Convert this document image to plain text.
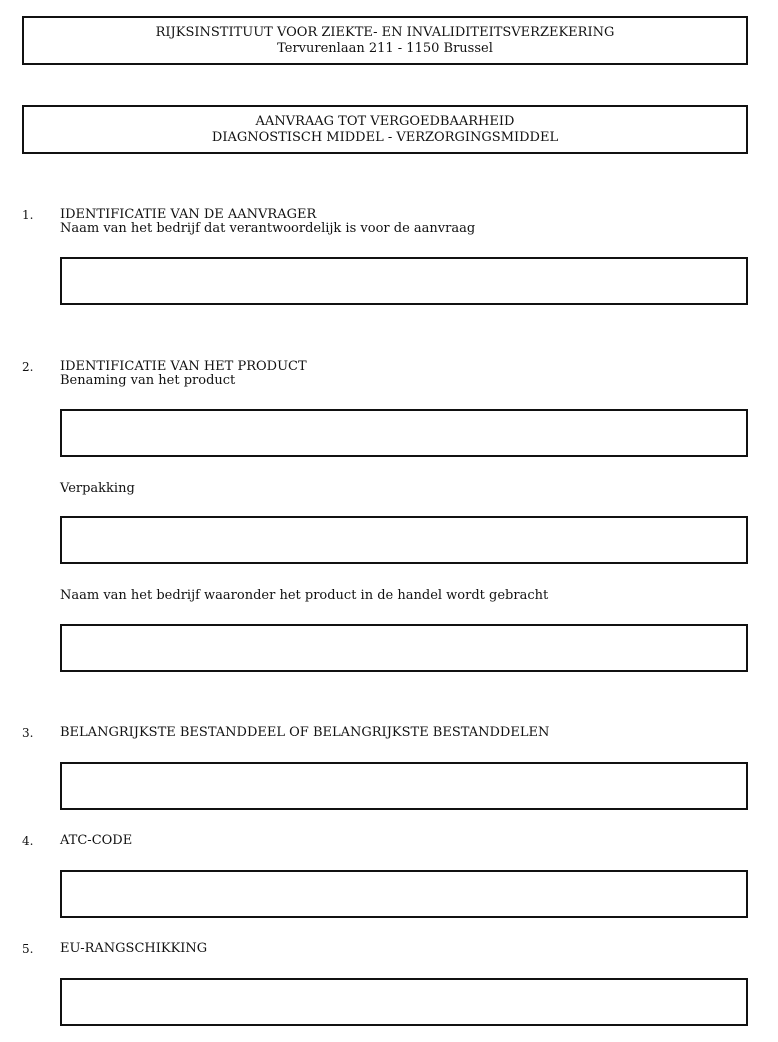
RIJKSINSTITUUT VOOR ZIEKTE- EN INVALIDITEITSVERZEKERING
Tervurenlaan 211 - 1150 Brussel
AANVRAAG TOT VERGOEDBAARHEID
DIAGNOSTISCH MIDDEL - VERZORGINGSMIDDEL
1. IDENTIFICATIE VAN DE AANVRAGER
Naam van het bedrijf dat verantwoordelijk is voor de aanvraag
2. IDENTIFICATIE VAN HET PRODUCT
Benaming van het product
Verpakking
Naam van het bedrijf waaronder het product in de handel wordt gebracht
3. BELANGRIJKSTE BESTANDDEEL OF BELANGRIJKSTE BESTANDDELEN
4. ATC-CODE
5. EU-RANGSCHIKKING
